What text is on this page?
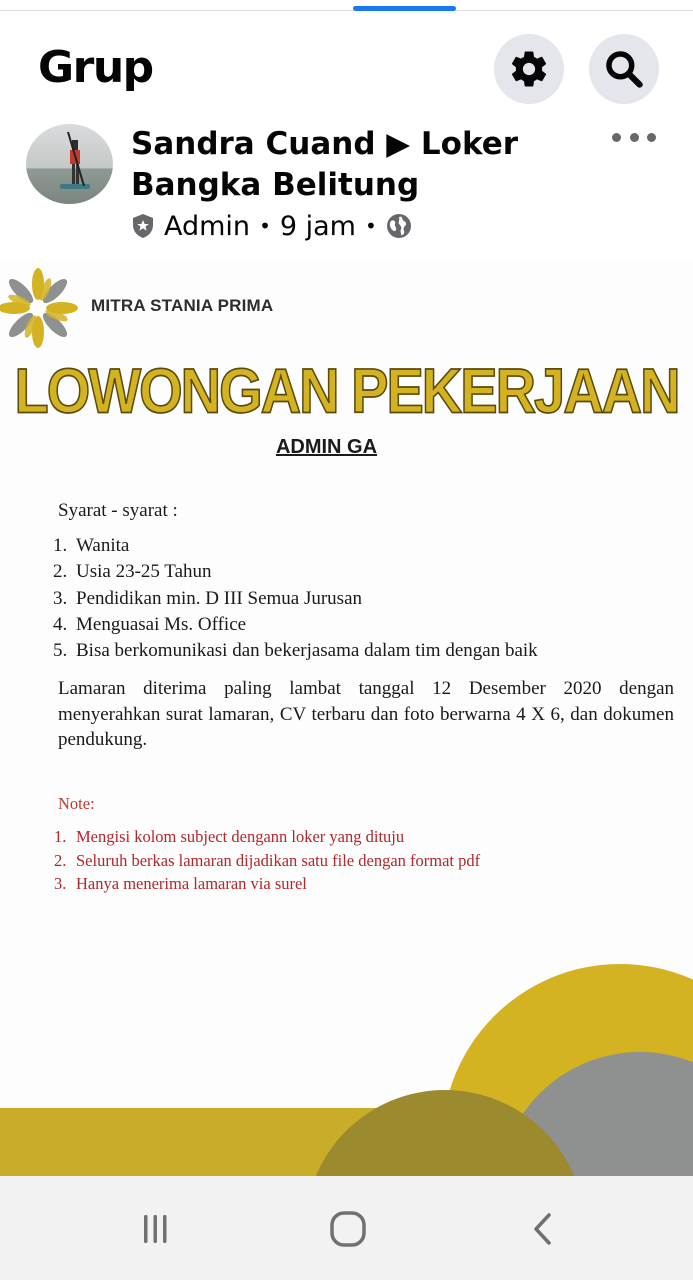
Grup
Sandra Cuand ▶ Loker Bangka Belitung
Admin • 9 jam •
MITRA STANIA PRIMA
LOWONGAN PEKERJAAN
ADMIN GA
Syarat - syarat :
1. Wanita
2. Usia 23-25 Tahun
3. Pendidikan min. D III Semua Jurusan
4. Menguasai Ms. Office
5. Bisa berkomunikasi dan bekerjasama dalam tim dengan baik
Lamaran diterima paling lambat tanggal 12 Desember 2020 dengan menyerahkan surat lamaran, CV terbaru dan foto berwarna 4 X 6, dan dokumen pendukung.
Note:
1. Mengisi kolom subject dengann loker yang dituju
2. Seluruh berkas lamaran dijadikan satu file dengan format pdf
3. Hanya menerima lamaran via surel
